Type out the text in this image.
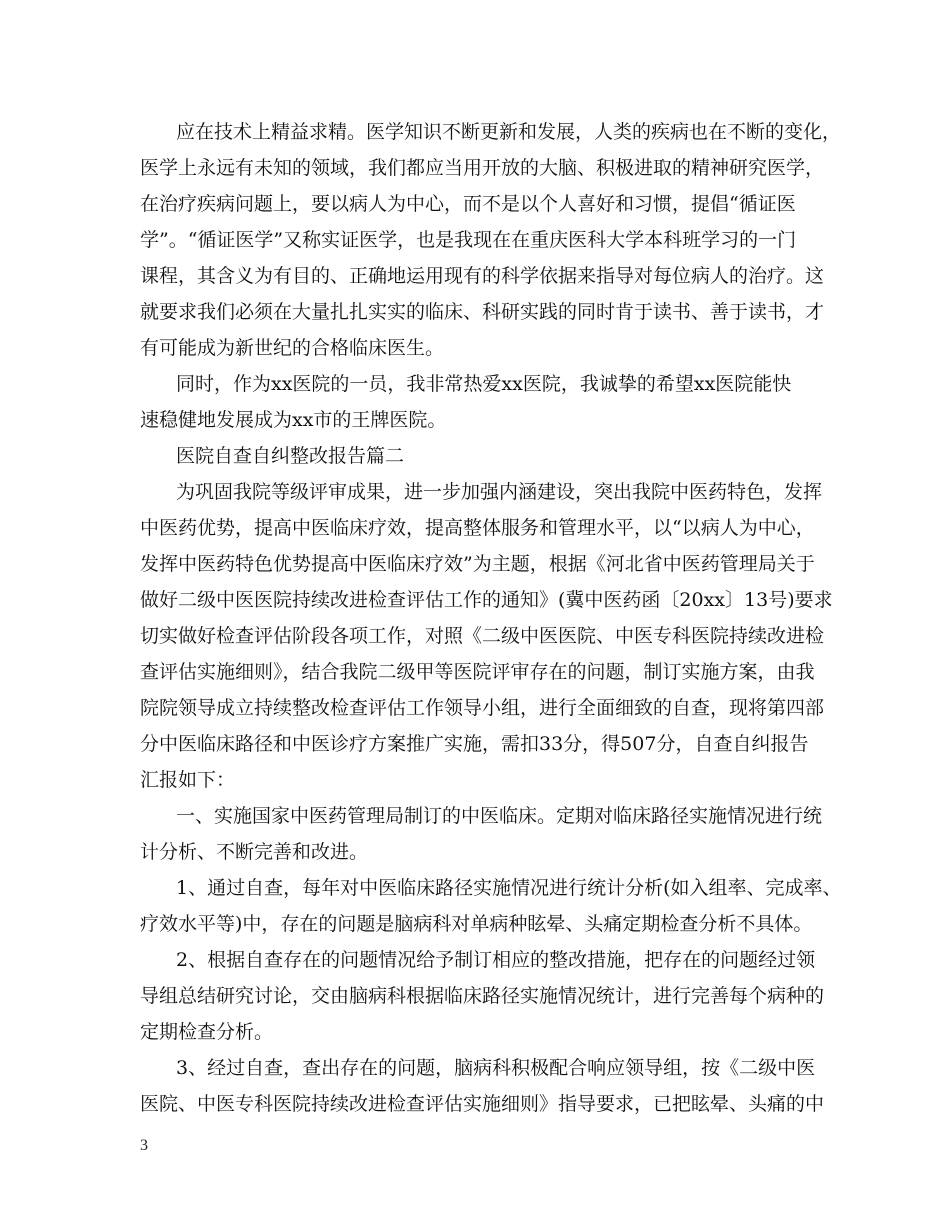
应在技术上精益求精。医学知识不断更新和发展，人类的疾病也在不断的变化，
医学上永远有未知的领域，我们都应当用开放的大脑、积极进取的精神研究医学，
在治疗疾病问题上，要以病人为中心，而不是以个人喜好和习惯，提倡“循证医
学”。“循证医学”又称实证医学，也是我现在在重庆医科大学本科班学习的一门
课程，其含义为有目的、正确地运用现有的科学依据来指导对每位病人的治疗。这
就要求我们必须在大量扎扎实实的临床、科研实践的同时肯于读书、善于读书，才
有可能成为新世纪的合格临床医生。
同时，作为xx医院的一员，我非常热爱xx医院，我诚挚的希望xx医院能快
速稳健地发展成为xx市的王牌医院。
医院自查自纠整改报告篇二
为巩固我院等级评审成果，进一步加强内涵建设，突出我院中医药特色，发挥
中医药优势，提高中医临床疗效，提高整体服务和管理水平，以“以病人为中心，
发挥中医药特色优势提高中医临床疗效”为主题，根据《河北省中医药管理局关于
做好二级中医医院持续改进检查评估工作的通知》(冀中医药函〔20xx〕13号)要求
切实做好检查评估阶段各项工作，对照《二级中医医院、中医专科医院持续改进检
查评估实施细则》，结合我院二级甲等医院评审存在的问题，制订实施方案，由我
院院领导成立持续整改检查评估工作领导小组，进行全面细致的自查，现将第四部
分中医临床路径和中医诊疗方案推广实施，需扣33分，得507分，自查自纠报告
汇报如下：
一、实施国家中医药管理局制订的中医临床。定期对临床路径实施情况进行统
计分析、不断完善和改进。
1、通过自查，每年对中医临床路径实施情况进行统计分析(如入组率、完成率、
疗效水平等)中，存在的问题是脑病科对单病种眩晕、头痛定期检查分析不具体。
2、根据自查存在的问题情况给予制订相应的整改措施，把存在的问题经过领
导组总结研究讨论，交由脑病科根据临床路径实施情况统计，进行完善每个病种的
定期检查分析。
3、经过自查，查出存在的问题，脑病科积极配合响应领导组，按《二级中医
医院、中医专科医院持续改进检查评估实施细则》指导要求，已把眩晕、头痛的中
3
